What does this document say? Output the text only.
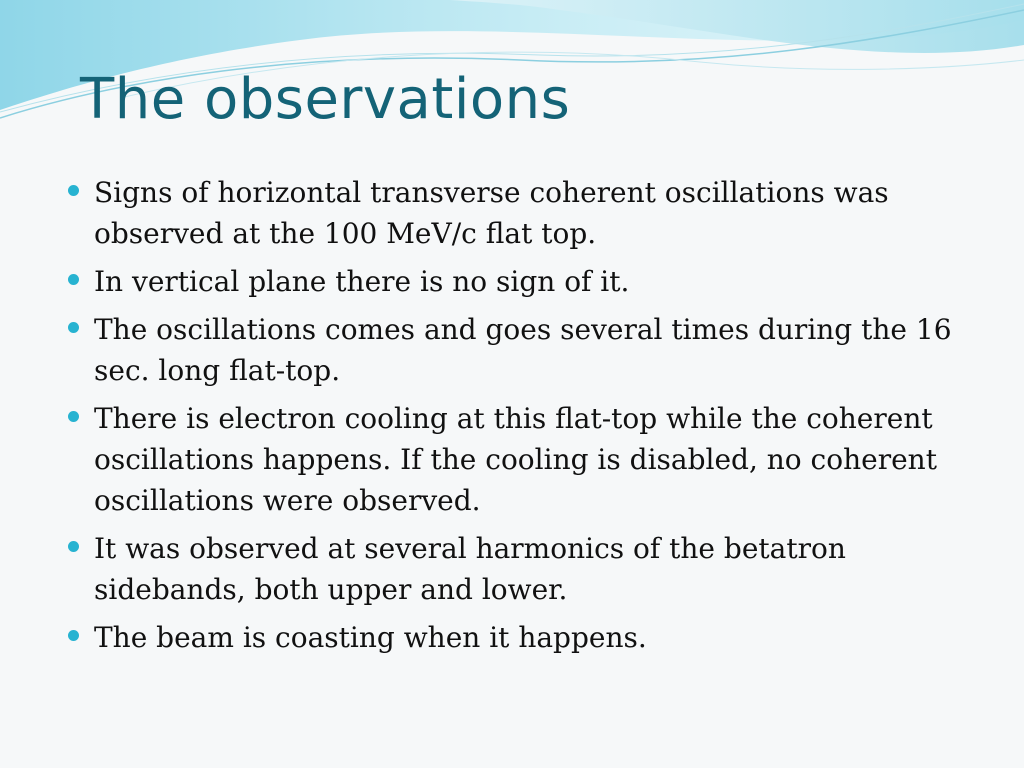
The observations
Signs of horizontal transverse coherent oscillations was observed at the 100 MeV/c flat top.
In vertical plane there is no sign of it.
The oscillations comes and goes several times during the 16 sec. long flat-top.
There is electron cooling at this flat-top while the coherent oscillations happens. If the cooling is disabled, no coherent oscillations were observed.
It was observed at several harmonics of the betatron sidebands, both upper and lower.
The beam is coasting when it happens.
